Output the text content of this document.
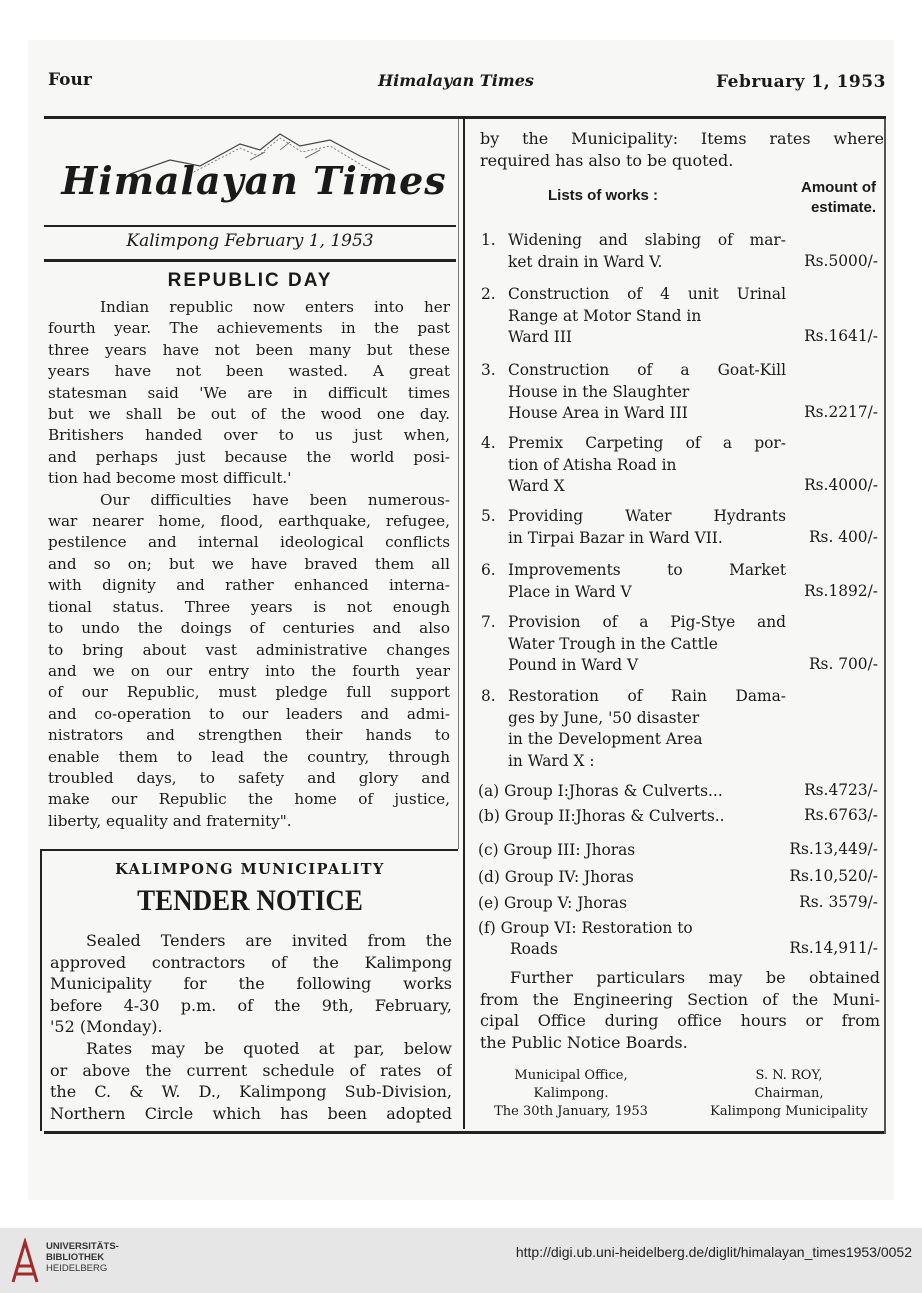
Four	Himalayan Times	February 1, 1953
Himalayan Times
Kalimpong February 1, 1953
REPUBLIC DAY
Indian republic now enters into her
fourth year. The achievements in the past
three years have not been many but these
years have not been wasted. A great
statesman said 'We are in difficult times
but we shall be out of the wood one day.
Britishers handed over to us just when,
and perhaps just because the world posi-
tion had become most difficult.'
Our difficulties have been numerous-
war nearer home, flood, earthquake, refugee,
pestilence and internal ideological conflicts
and so on; but we have braved them all
with dignity and rather enhanced interna-
tional status. Three years is not enough
to undo the doings of centuries and also
to bring about vast administrative changes
and we on our entry into the fourth year
of our Republic, must pledge full support
and co-operation to our leaders and admi-
nistrators and strengthen their hands to
enable them to lead the country, through
troubled days, to safety and glory and
make our Republic the home of justice,
liberty, equality and fraternity".
KALIMPONG MUNICIPALITY
TENDER NOTICE
Sealed Tenders are invited from the
approved contractors of the Kalimpong
Municipality for the following works
before 4-30 p.m. of the 9th, February,
'52 (Monday).
Rates may be quoted at par, below
or above the current schedule of rates of
the C. & W. D., Kalimpong Sub-Division,
Northern Circle which has been adopted
by the Municipality: Items rates where
required has also to be quoted.
Lists of works :	Amount of
estimate.
1. Widening and slabing of mar-
ket drain in Ward V.	Rs.5000/-
2. Construction of 4 unit Urinal
Range at Motor Stand in
Ward III	Rs.1641/-
3. Construction of a Goat-Kill
House in the Slaughter
House Area in Ward III	Rs.2217/-
4. Premix Carpeting of a por-
tion of Atisha Road in
Ward X	Rs.4000/-
5. Providing Water Hydrants
in Tirpai Bazar in Ward VII.	Rs. 400/-
6. Improvements to Market
Place in Ward V	Rs.1892/-
7. Provision of a Pig-Stye and
Water Trough in the Cattle
Pound in Ward V	Rs. 700/-
8. Restoration of Rain Dama-
ges by June, '50 disaster
in the Development Area
in Ward X :
(a) Group I:Jhoras & Culverts...	Rs.4723/-
(b) Group II:Jhoras & Culverts..	Rs.6763/-
(c) Group III: Jhoras	Rs.13,449/-
(d) Group IV: Jhoras	Rs.10,520/-
(e) Group V: Jhoras	Rs. 3579/-
(f) Group VI: Restoration to
Roads	Rs.14,911/-
Further particulars may be obtained
from the Engineering Section of the Muni-
cipal Office during office hours or from
the Public Notice Boards.
Municipal Office,
Kalimpong.
The 30th January, 1953
S. N. ROY,
Chairman,
Kalimpong Municipality
UNIVERSITÄTS-
BIBLIOTHEK
HEIDELBERG
http://digi.ub.uni-heidelberg.de/diglit/himalayan_times1953/0052
